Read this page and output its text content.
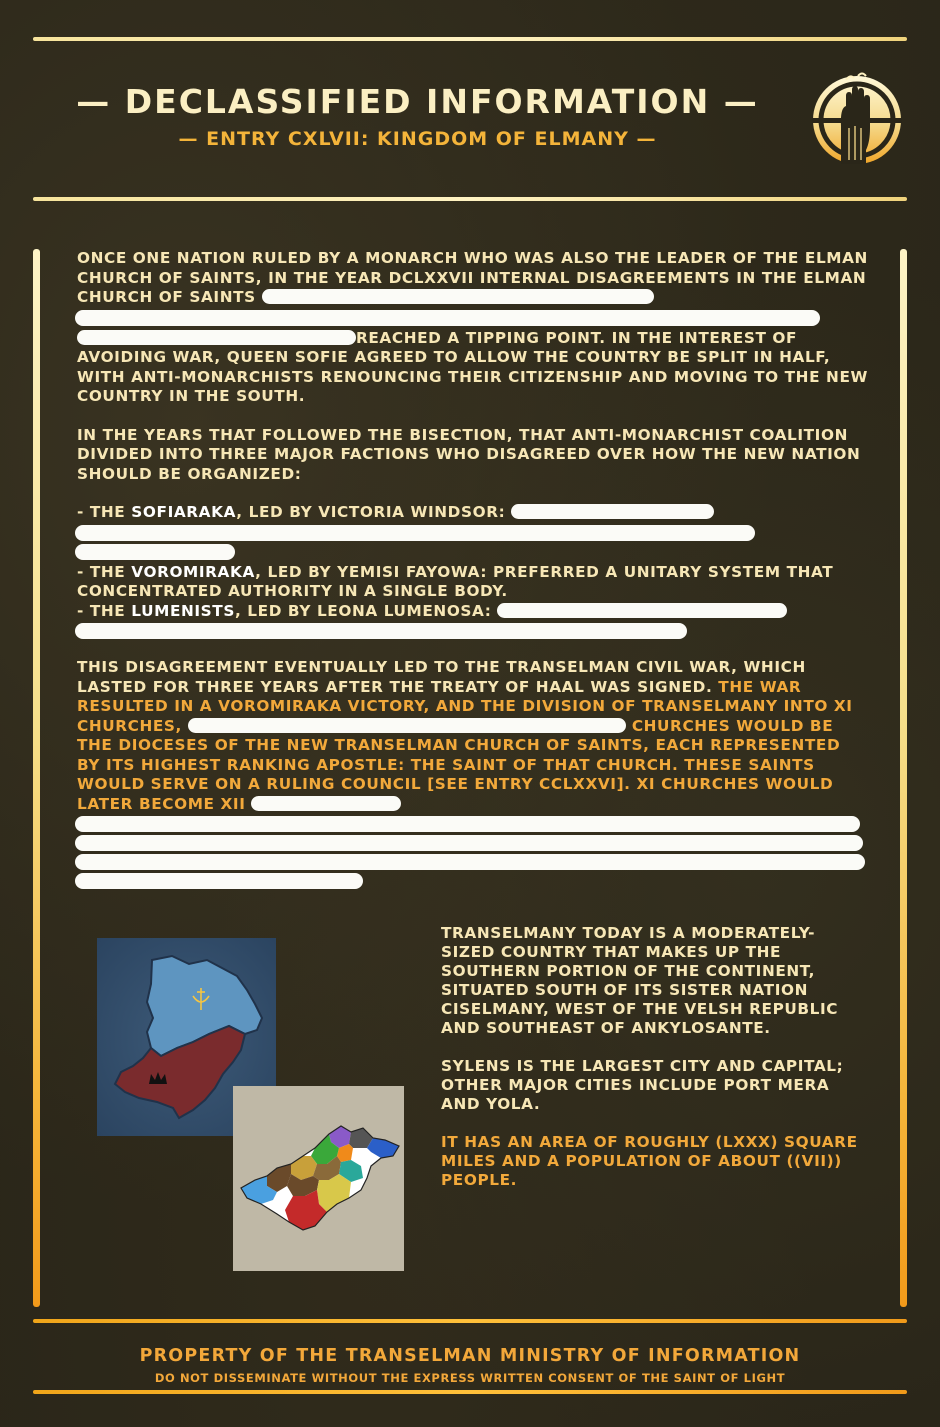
— DECLASSIFIED INFORMATION —
— ENTRY CXLVII: KINGDOM OF ELMANY —

ONCE ONE NATION RULED BY A MONARCH WHO WAS ALSO THE LEADER OF THE ELMAN CHURCH OF SAINTS, IN THE YEAR DCLXXVII INTERNAL DISAGREEMENTS IN THE ELMAN CHURCH OF SAINTS
REACHED A TIPPING POINT. IN THE INTEREST OF AVOIDING WAR, QUEEN SOFIE AGREED TO ALLOW THE COUNTRY BE SPLIT IN HALF, WITH ANTI-MONARCHISTS RENOUNCING THEIR CITIZENSHIP AND MOVING TO THE NEW COUNTRY IN THE SOUTH.

IN THE YEARS THAT FOLLOWED THE BISECTION, THAT ANTI-MONARCHIST COALITION DIVIDED INTO THREE MAJOR FACTIONS WHO DISAGREED OVER HOW THE NEW NATION SHOULD BE ORGANIZED:

- THE SOFIARAKA, LED BY VICTORIA WINDSOR:
- THE VOROMIRAKA, LED BY YEMISI FAYOWA: PREFERRED A UNITARY SYSTEM THAT CONCENTRATED AUTHORITY IN A SINGLE BODY.
- THE LUMENISTS, LED BY LEONA LUMENOSA:

THIS DISAGREEMENT EVENTUALLY LED TO THE TRANSELMAN CIVIL WAR, WHICH LASTED FOR THREE YEARS AFTER THE TREATY OF HAAL WAS SIGNED. THE WAR RESULTED IN A VOROMIRAKA VICTORY, AND THE DIVISION OF TRANSELMANY INTO XI CHURCHES,	CHURCHES WOULD BE THE DIOCESES OF THE NEW TRANSELMAN CHURCH OF SAINTS, EACH REPRESENTED BY ITS HIGHEST RANKING APOSTLE: THE SAINT OF THAT CHURCH. THESE SAINTS WOULD SERVE ON A RULING COUNCIL [SEE ENTRY CCLXXVI]. XI CHURCHES WOULD LATER BECOME XII

TRANSELMANY TODAY IS A MODERATELY-SIZED COUNTRY THAT MAKES UP THE SOUTHERN PORTION OF THE CONTINENT, SITUATED SOUTH OF ITS SISTER NATION CISELMANY, WEST OF THE VELSH REPUBLIC AND SOUTHEAST OF ANKYLOSANTE.

SYLENS IS THE LARGEST CITY AND CAPITAL; OTHER MAJOR CITIES INCLUDE PORT MERA AND YOLA.

IT HAS AN AREA OF ROUGHLY (LXXX) SQUARE MILES AND A POPULATION OF ABOUT ((VII)) PEOPLE.

PROPERTY OF THE TRANSELMAN MINISTRY OF INFORMATION
DO NOT DISSEMINATE WITHOUT THE EXPRESS WRITTEN CONSENT OF THE SAINT OF LIGHT
